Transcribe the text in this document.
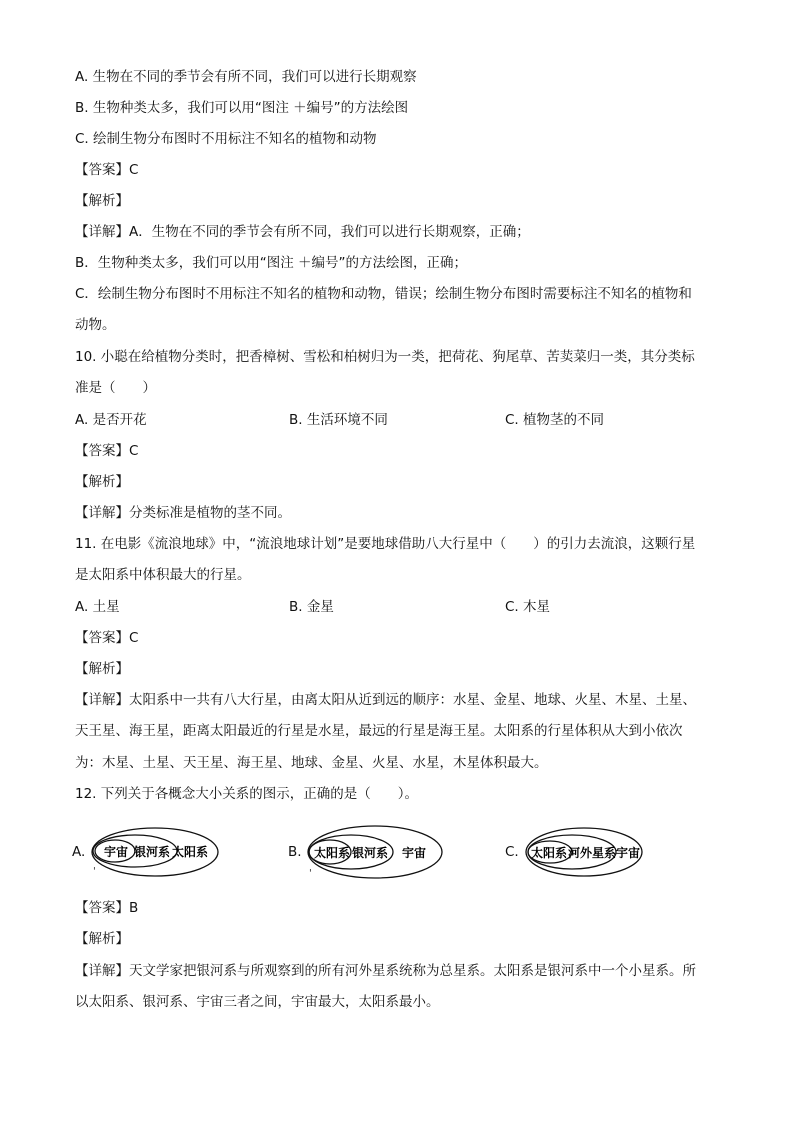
A. 生物在不同的季节会有所不同，我们可以进行长期观察
B. 生物种类太多，我们可以用“图注 ＋编号”的方法绘图
C. 绘制生物分布图时不用标注不知名的植物和动物
【答案】C
【解析】
【详解】A．生物在不同的季节会有所不同，我们可以进行长期观察，正确；
B．生物种类太多，我们可以用“图注 ＋编号”的方法绘图，正确；
C．绘制生物分布图时不用标注不知名的植物和动物，错误；绘制生物分布图时需要标注不知名的植物和
动物。
10. 小聪在给植物分类时，把香樟树、雪松和柏树归为一类，把荷花、狗尾草、苦荬菜归一类，其分类标
准是（　　）
A. 是否开花	B. 生活环境不同	C. 植物茎的不同
【答案】C
【解析】
【详解】分类标准是植物的茎不同。
11. 在电影《流浪地球》中，“流浪地球计划”是要地球借助八大行星中（　　）的引力去流浪，这颗行星
是太阳系中体积最大的行星。
A. 土星	B. 金星	C. 木星
【答案】C
【解析】
【详解】太阳系中一共有八大行星，由离太阳从近到远的顺序：水星、金星、地球、火星、木星、土星、
天王星、海王星，距离太阳最近的行星是水星，最远的行星是海王星。太阳系的行星体积从大到小依次
为：木星、土星、天王星、海王星、地球、金星、火星、水星，木星体积最大。
12. 下列关于各概念大小关系的图示，正确的是（　　）。
A. 宇宙 银河系 太阳系
'
B. 太阳系 银河系 宇宙
'
C. 太阳系 河外星系 宇宙
【答案】B
【解析】
【详解】天文学家把银河系与所观察到的所有河外星系统称为总星系。太阳系是银河系中一个小星系。所
以太阳系、银河系、宇宙三者之间，宇宙最大，太阳系最小。
